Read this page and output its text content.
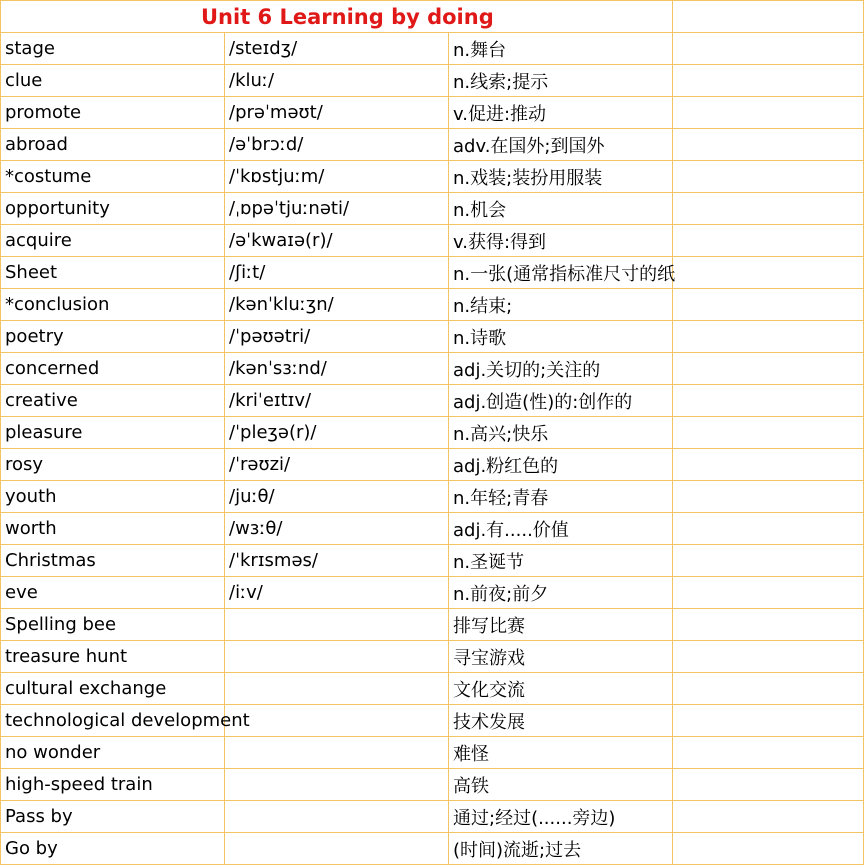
Unit 6 Learning by doing			
stage	/steɪdʒ/	n.舞台	
clue	/kluː/	n.线索;提示	
promote	/prəˈməʊt/	v.促进:推动	
abroad	/əˈbrɔːd/	adv.在国外;到国外	
*costume	/ˈkɒstjuːm/	n.戏装;装扮用服装	
opportunity	/ˌɒpəˈtjuːnəti/	n.机会	
acquire	/əˈkwaɪə(r)/	v.获得:得到	
Sheet	/ʃiːt/	n.一张(通常指标准尺寸的纸	
*conclusion	/kənˈkluːʒn/	n.结束;	
poetry	/ˈpəʊətri/	n.诗歌	
concerned	/kənˈsɜːnd/	adj.关切的;关注的	
creative	/kriˈeɪtɪv/	adj.创造(性)的:创作的	
pleasure	/ˈpleʒə(r)/	n.高兴;快乐	
rosy	/ˈrəʊzi/	adj.粉红色的	
youth	/juːθ/	n.年轻;青春	
worth	/wɜːθ/	adj.有.....价值	
Christmas	/ˈkrɪsməs/	n.圣诞节	
eve	/iːv/	n.前夜;前夕	
Spelling bee		排写比赛	
treasure hunt		寻宝游戏	
cultural exchange		文化交流	
technological development		技术发展	
no wonder		难怪	
high-speed train		高铁	
Pass by		通过;经过(......旁边)	
Go by		(时间)流逝;过去	
